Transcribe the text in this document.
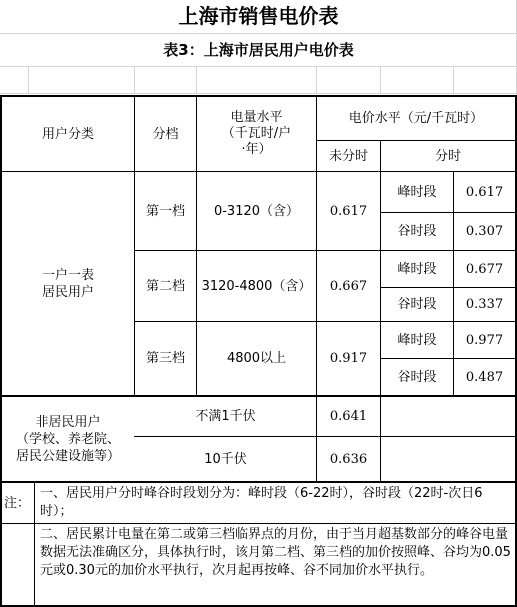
上海市销售电价表
表3：上海市居民用户电价表
用户分类	分档
电量水平
（千瓦时/户
·年）
电价水平（元/千瓦时）
未分时	分时
一户一表
居民用户
第一档	0-3120（含）	0.617
峰时段	0.617
谷时段	0.307
第二档	3120-4800（含）	0.667
峰时段	0.677
谷时段	0.337
第三档	4800以上	0.917
峰时段	0.977
谷时段	0.487
非居民用户
（学校、养老院、
居民公建设施等）
不满1千伏	0.641
10千伏	0.636
注：
一、居民用户分时峰谷时段划分为：峰时段（6-22时），谷时段（22时-次日6时）；
二、居民累计电量在第二或第三档临界点的月份，由于当月超基数部分的峰谷电量数据无法准确区分，具体执行时，该月第二档、第三档的加价按照峰、谷均为0.05元或0.30元的加价水平执行，次月起再按峰、谷不同加价水平执行。
